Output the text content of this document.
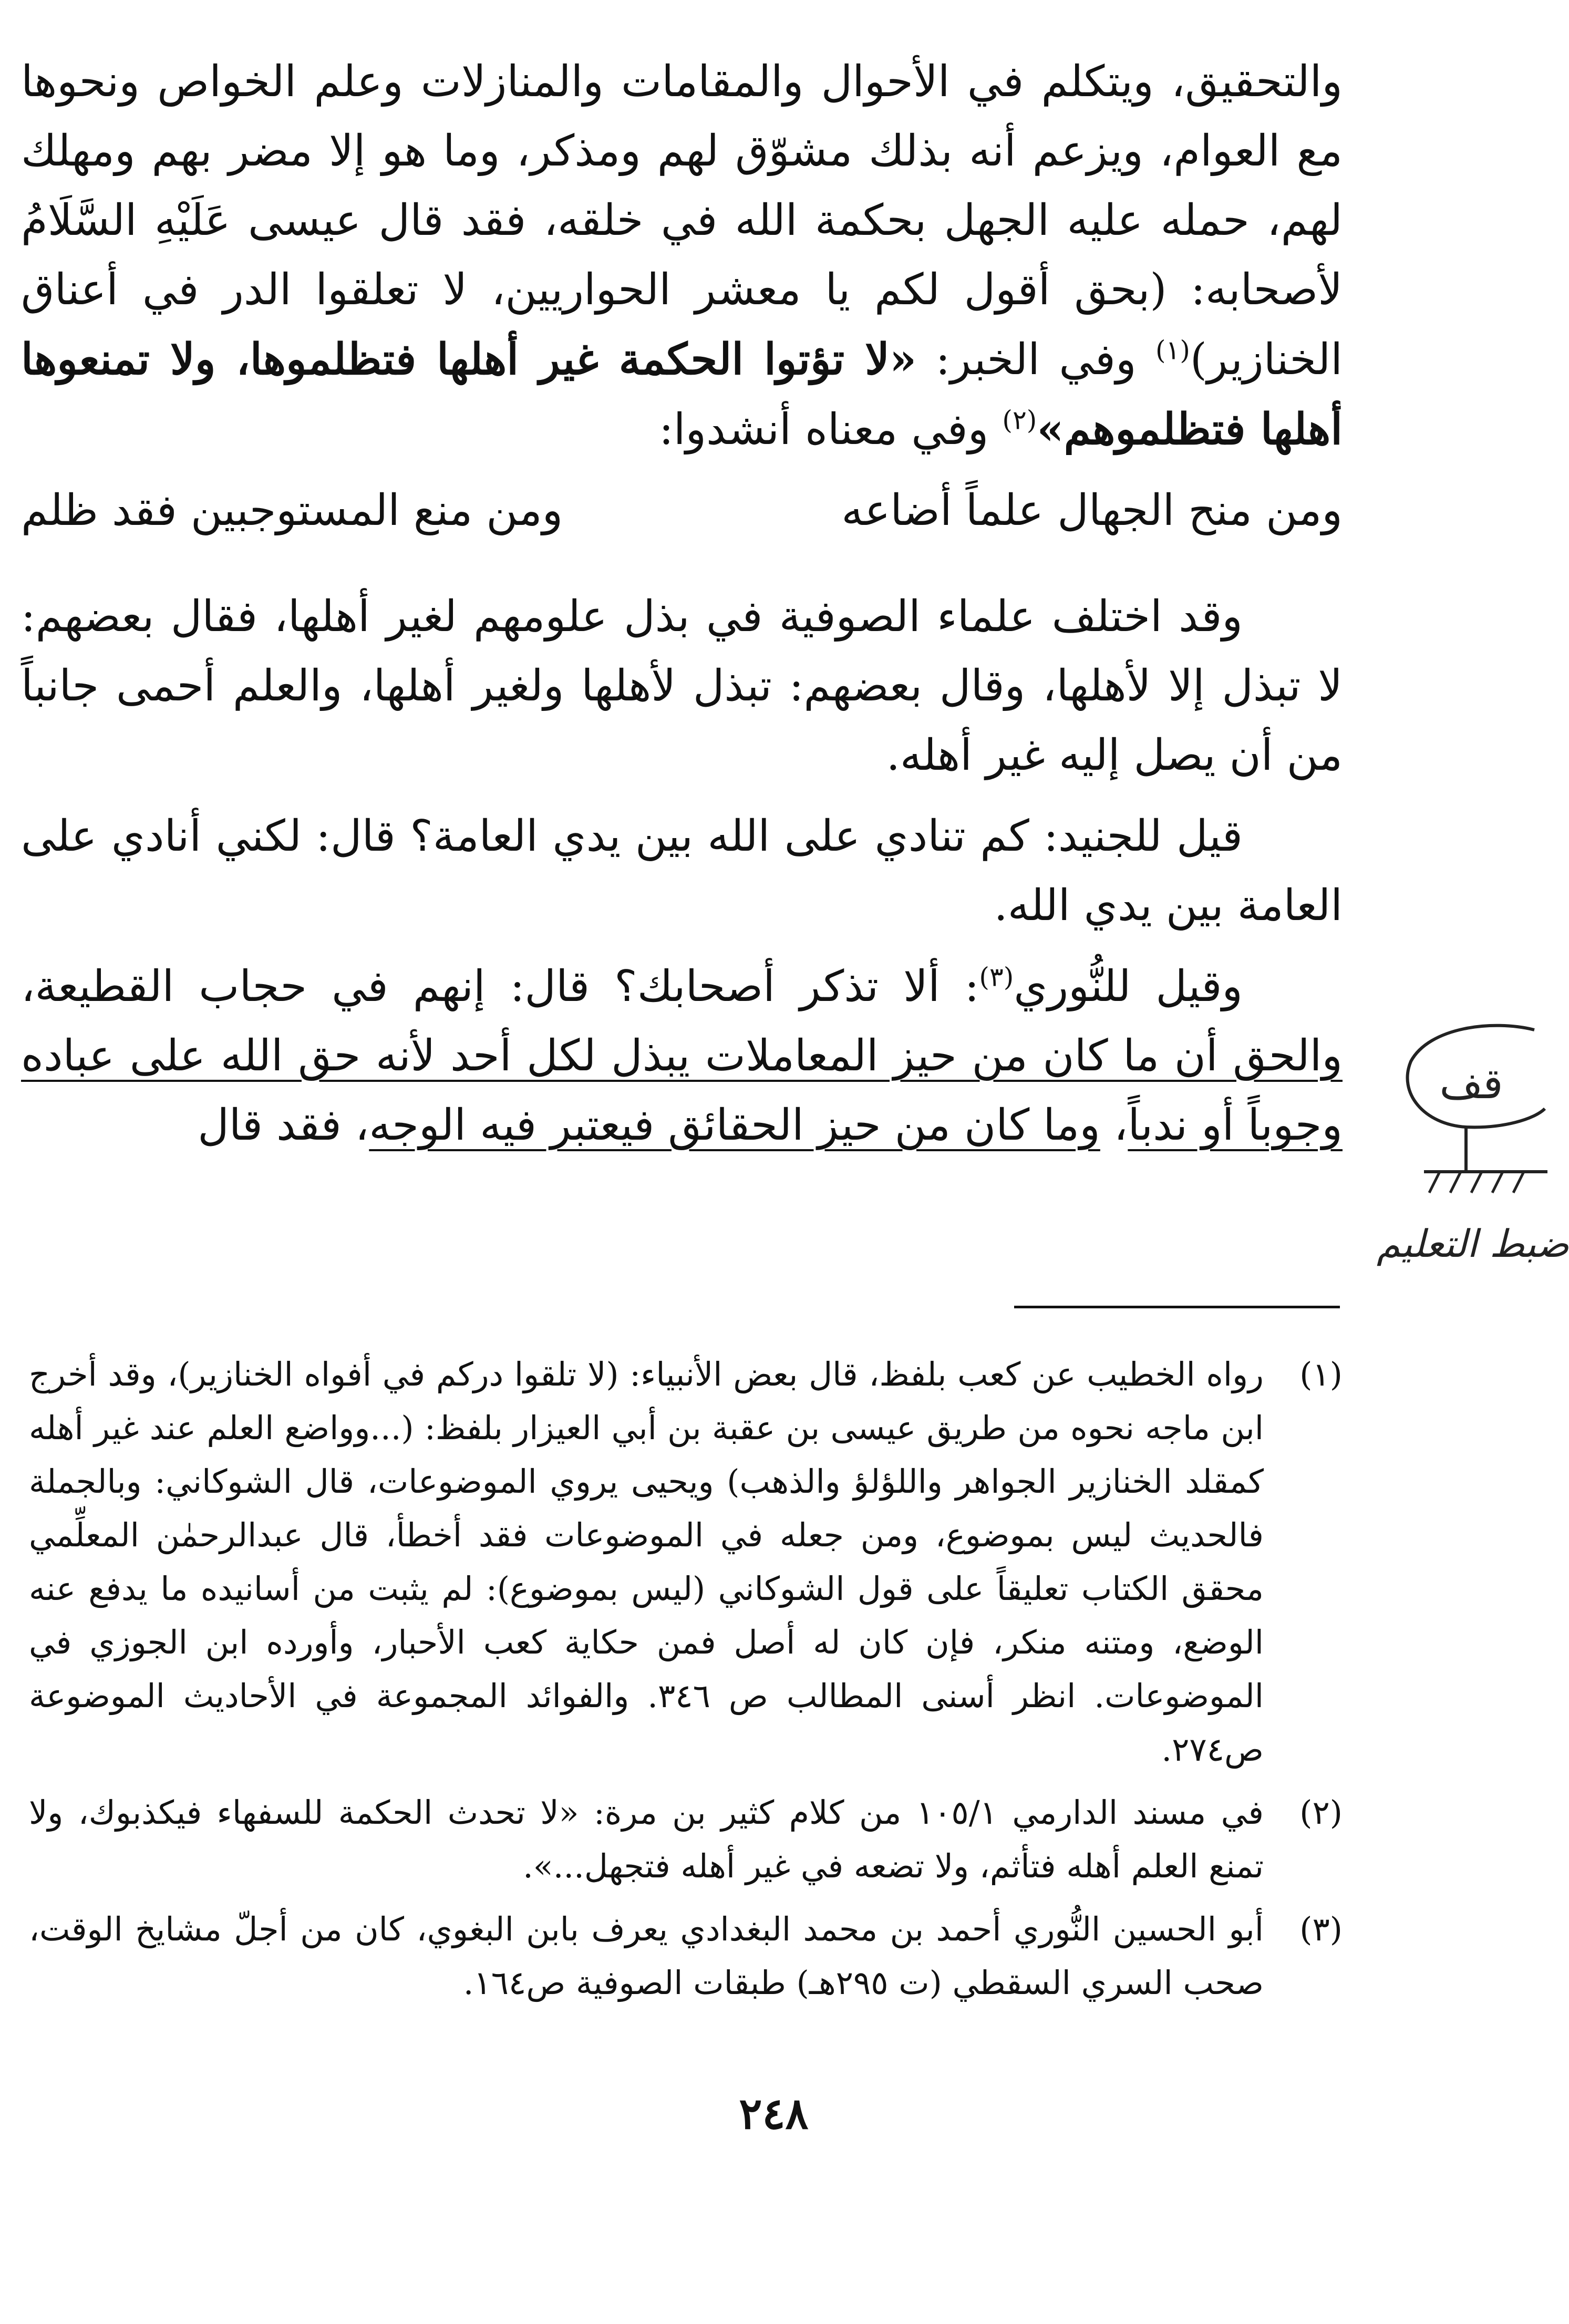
والتحقيق، ويتكلم في الأحوال والمقامات والمنازلات وعلم الخواص ونحوها مع العوام، ويزعم أنه بذلك مشوّق لهم ومذكر، وما هو إلا مضر بهم ومهلك لهم، حمله عليه الجهل بحكمة الله في خلقه، فقد قال عيسى عَلَيْهِ السَّلَامُ لأصحابه: (بحق أقول لكم يا معشر الحواريين، لا تعلقوا الدر في أعناق الخنازير)$^{(١)}$ وفي الخبر: «لا تؤتوا الحكمة غير أهلها فتظلموها، ولا تمنعوها أهلها فتظلموهم»$^{(٢)}$ وفي معناه أنشدوا:

ومن منح الجهال علماً أضاعه
ومن منع المستوجبين فقد ظلم

وقد اختلف علماء الصوفية في بذل علومهم لغير أهلها، فقال بعضهم: لا تبذل إلا لأهلها، وقال بعضهم: تبذل لأهلها ولغير أهلها، والعلم أحمى جانباً من أن يصل إليه غير أهله.

قيل للجنيد: كم تنادي على الله بين يدي العامة؟ قال: لكني أنادي على العامة بين يدي الله.

وقيل للنُّوري$^{(٣)}$: ألا تذكر أصحابك؟ قال: إنهم في حجاب القطيعة، والحق أن ما كان من حيز المعاملات يبذل لكل أحد لأنه حق الله على عباده وجوباً أو ندباً، وما كان من حيز الحقائق فيعتبر فيه الوجه، فقد قال

قف
ضبط التعليم
(١)
رواه الخطيب عن كعب بلفظ، قال بعض الأنبياء: (لا تلقوا دركم في أفواه الخنازير)، وقد أخرج ابن ماجه نحوه من طريق عيسى بن عقبة بن أبي العيزار بلفظ: (...وواضع العلم عند غير أهله كمقلد الخنازير الجواهر واللؤلؤ والذهب) ويحيى يروي الموضوعات، قال الشوكاني: وبالجملة فالحديث ليس بموضوع، ومن جعله في الموضوعات فقد أخطأ، قال عبدالرحمٰن المعلِّمي محقق الكتاب تعليقاً على قول الشوكاني (ليس بموضوع): لم يثبت من أسانيده ما يدفع عنه الوضع، ومتنه منكر، فإن كان له أصل فمن حكاية كعب الأحبار، وأورده ابن الجوزي في الموضوعات. انظر أسنى المطالب ص ٣٤٦. والفوائد المجموعة في الأحاديث الموضوعة ص٢٧٤.
(٢)
في مسند الدارمي ١٠٥/١ من كلام كثير بن مرة: «لا تحدث الحكمة للسفهاء فيكذبوك، ولا تمنع العلم أهله فتأثم، ولا تضعه في غير أهله فتجهل...».
(٣)
أبو الحسين النُّوري أحمد بن محمد البغدادي يعرف بابن البغوي، كان من أجلّ مشايخ الوقت، صحب السري السقطي (ت ٢٩٥هـ) طبقات الصوفية ص١٦٤.
٢٤٨
